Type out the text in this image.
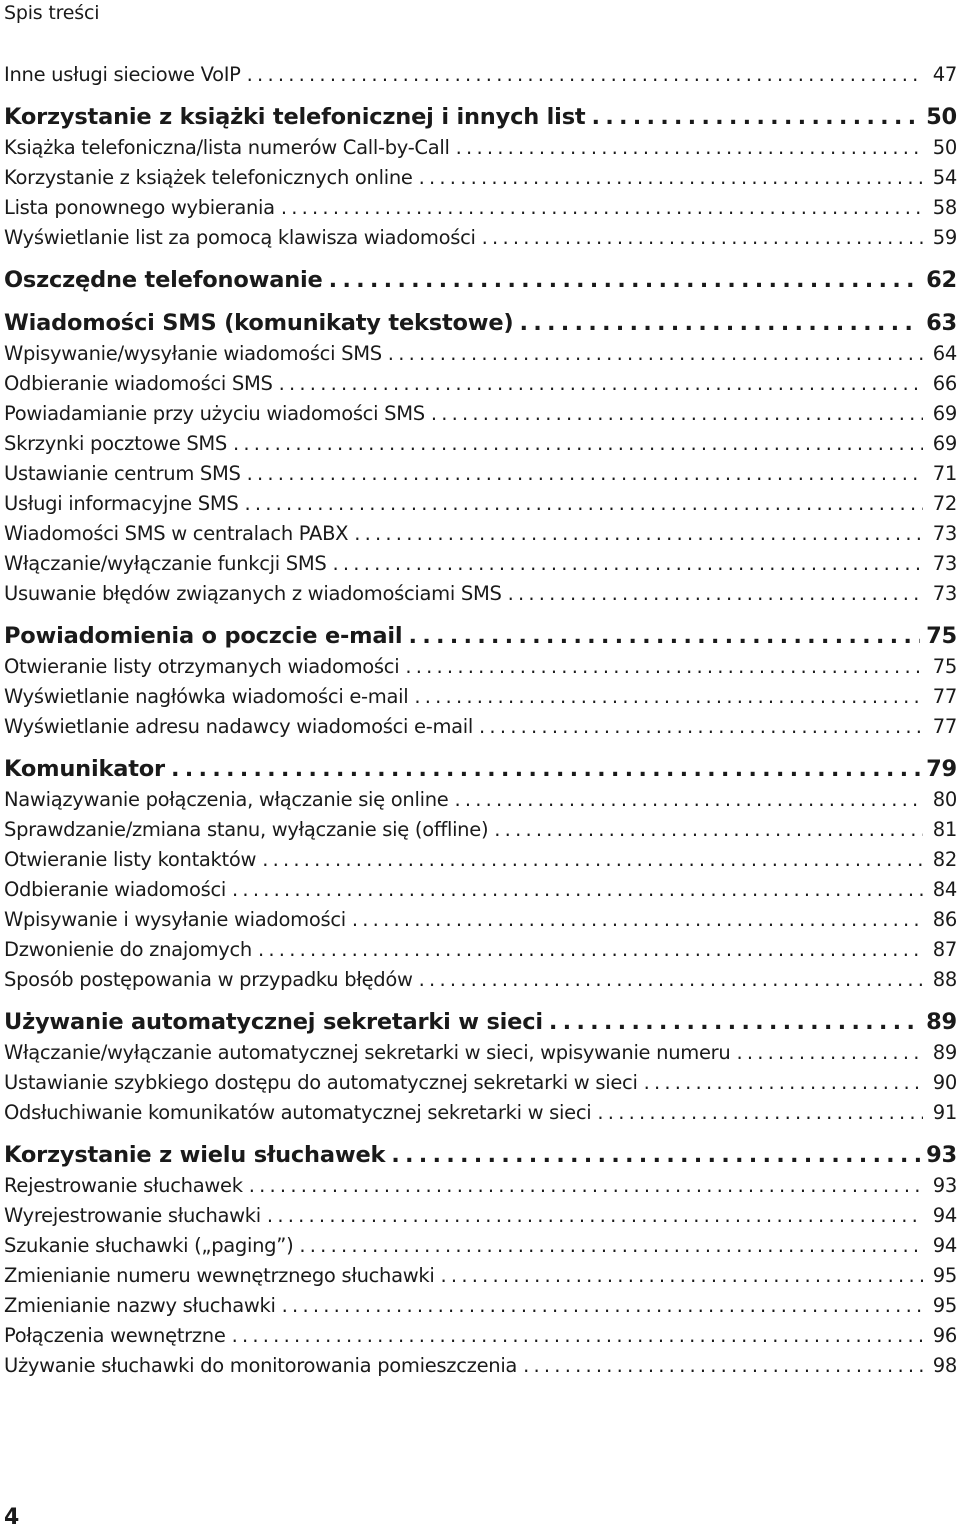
Spis treści
Inne usługi sieciowe VoIP .....	47
Korzystanie z książki telefonicznej i innych list .....	50
Książka telefoniczna/lista numerów Call-by-Call .....	50
Korzystanie z książek telefonicznych online .....	54
Lista ponownego wybierania .....	58
Wyświetlanie list za pomocą klawisza wiadomości .....	59
Oszczędne telefonowanie .....	62
Wiadomości SMS (komunikaty tekstowe) .....	63
Wpisywanie/wysyłanie wiadomości SMS .....	64
Odbieranie wiadomości SMS .....	66
Powiadamianie przy użyciu wiadomości SMS .....	69
Skrzynki pocztowe SMS .....	69
Ustawianie centrum SMS .....	71
Usługi informacyjne SMS .....	72
Wiadomości SMS w centralach PABX .....	73
Włączanie/wyłączanie funkcji SMS .....	73
Usuwanie błędów związanych z wiadomościami SMS .....	73
Powiadomienia o poczcie e-mail .....	75
Otwieranie listy otrzymanych wiadomości .....	75
Wyświetlanie nagłówka wiadomości e-mail .....	77
Wyświetlanie adresu nadawcy wiadomości e-mail .....	77
Komunikator .....	79
Nawiązywanie połączenia, włączanie się online .....	80
Sprawdzanie/zmiana stanu, wyłączanie się (offline) .....	81
Otwieranie listy kontaktów .....	82
Odbieranie wiadomości .....	84
Wpisywanie i wysyłanie wiadomości .....	86
Dzwonienie do znajomych .....	87
Sposób postępowania w przypadku błędów .....	88
Używanie automatycznej sekretarki w sieci .....	89
Włączanie/wyłączanie automatycznej sekretarki w sieci, wpisywanie numeru .....	89
Ustawianie szybkiego dostępu do automatycznej sekretarki w sieci .....	90
Odsłuchiwanie komunikatów automatycznej sekretarki w sieci .....	91
Korzystanie z wielu słuchawek .....	93
Rejestrowanie słuchawek .....	93
Wyrejestrowanie słuchawki .....	94
Szukanie słuchawki („paging”) .....	94
Zmienianie numeru wewnętrznego słuchawki .....	95
Zmienianie nazwy słuchawki .....	95
Połączenia wewnętrzne .....	96
Używanie słuchawki do monitorowania pomieszczenia .....	98
4
